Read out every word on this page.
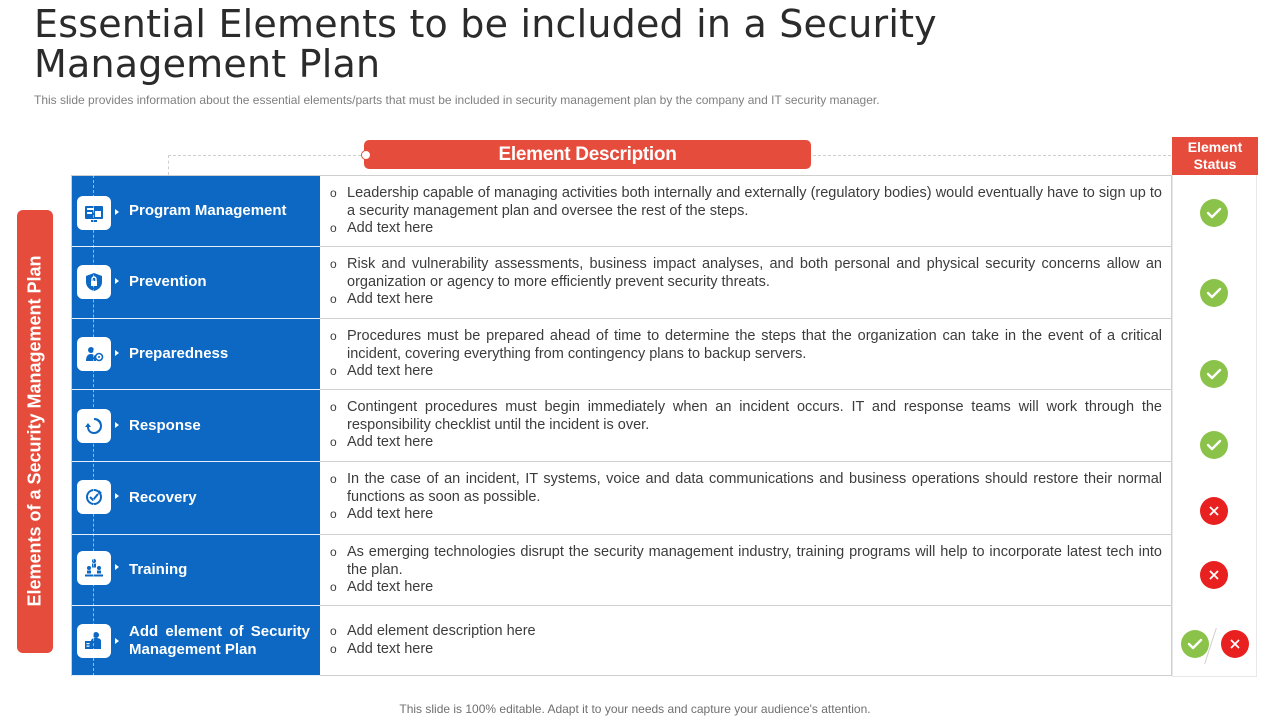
Essential Elements to be included in a Security Management Plan
This slide provides information about the essential elements/parts that must be included in security management plan by the company and IT security manager.
Elements of a Security Management Plan
Element Description	Element Status
Program Management
o Leadership capable of managing activities both internally and externally (regulatory bodies) would eventually have to sign up to a security management plan and oversee the rest of the steps.
o Add text here
Prevention
o Risk and vulnerability assessments, business impact analyses, and both personal and physical security concerns allow an organization or agency to more efficiently prevent security threats.
o Add text here
Preparedness
o Procedures must be prepared ahead of time to determine the steps that the organization can take in the event of a critical incident, covering everything from contingency plans to backup servers.
o Add text here
Response
o Contingent procedures must begin immediately when an incident occurs. IT and response teams will work through the responsibility checklist until the incident is over.
o Add text here
Recovery
o In the case of an incident, IT systems, voice and data communications and business operations should restore their normal functions as soon as possible.
o Add text here
Training
o As emerging technologies disrupt the security management industry, training programs will help to incorporate latest tech into the plan.
o Add text here
Add element of Security Management Plan
o Add element description here
o Add text here
This slide is 100% editable. Adapt it to your needs and capture your audience's attention.
